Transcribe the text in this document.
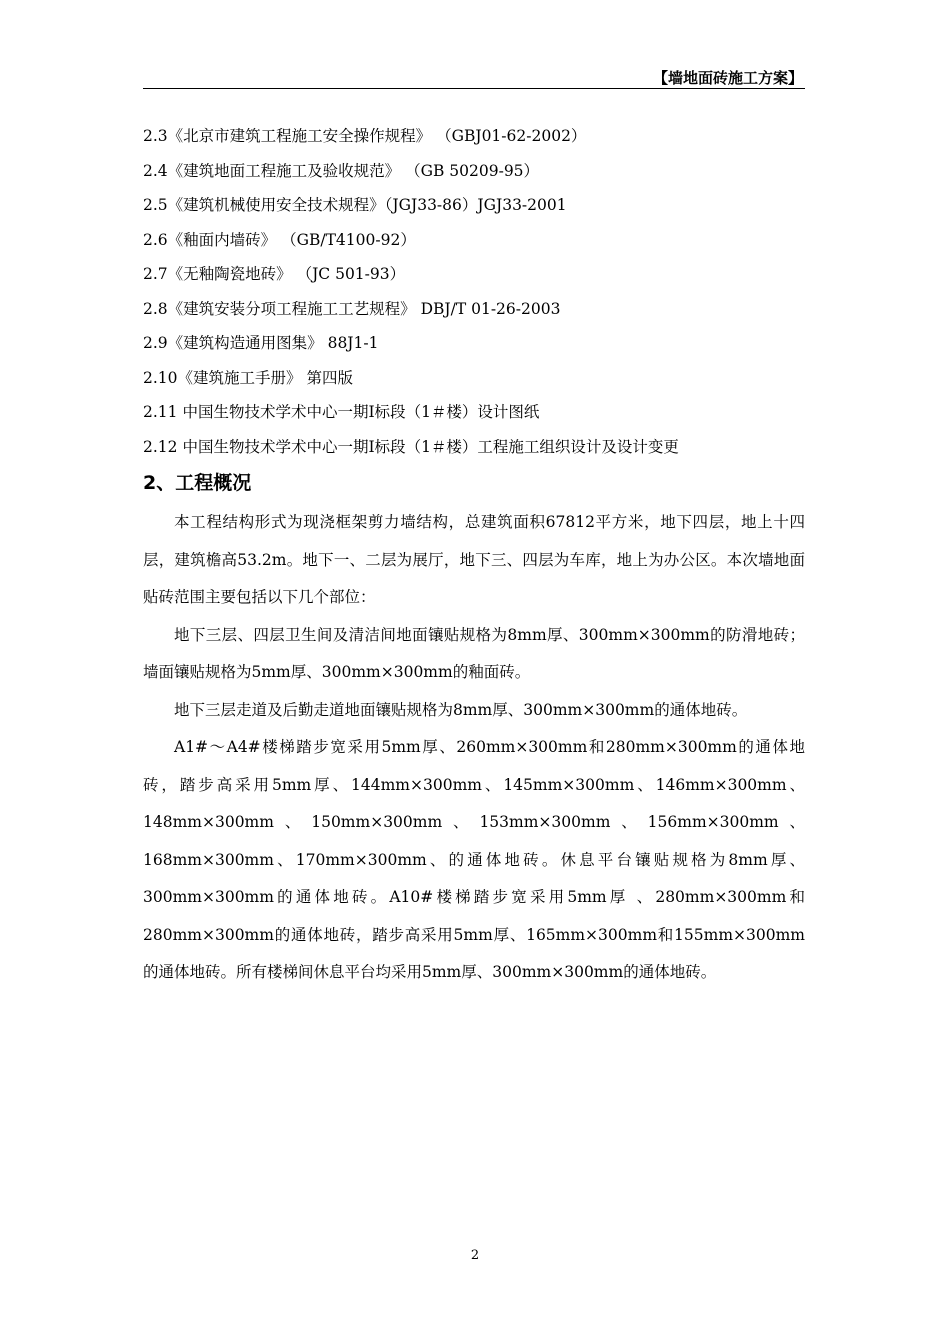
【墙地面砖施工方案】
2.3《北京市建筑工程施工安全操作规程》 （GBJ01-62-2002）
2.4《建筑地面工程施工及验收规范》 （GB 50209-95）
2.5《建筑机械使用安全技术规程》（JGJ33-86）JGJ33-2001
2.6《釉面内墙砖》 （GB/T4100-92）
2.7《无釉陶瓷地砖》 （JC 501-93）
2.8《建筑安装分项工程施工工艺规程》 DBJ/T 01-26-2003
2.9《建筑构造通用图集》 88J1-1
2.10《建筑施工手册》 第四版
2.11 中国生物技术学术中心一期Ⅰ标段（1＃楼）设计图纸
2.12 中国生物技术学术中心一期Ⅰ标段（1＃楼）工程施工组织设计及设计变更
2、工程概况

本工程结构形式为现浇框架剪力墙结构，总建筑面积67812平方米，地下四层，地上十四层，建筑檐高53.2m。地下一、二层为展厅，地下三、四层为车库，地上为办公区。本次墙地面贴砖范围主要包括以下几个部位：

地下三层、四层卫生间及清洁间地面镶贴规格为8mm厚、300mm×300mm的防滑地砖；墙面镶贴规格为5mm厚、300mm×300mm的釉面砖。

地下三层走道及后勤走道地面镶贴规格为8mm厚、300mm×300mm的通体地砖。

A1#～A4#楼梯踏步宽采用5mm厚、260mm×300mm和280mm×300mm的通体地砖，踏步高采用5mm厚、144mm×300mm、145mm×300mm、146mm×300mm、148mm×300mm、150mm×300mm、153mm×300mm、156mm×300mm、168mm×300mm、170mm×300mm、的通体地砖。休息平台镶贴规格为8mm厚、300mm×300mm的通体地砖。A10#楼梯踏步宽采用5mm厚 、280mm×300mm和280mm×300mm的通体地砖，踏步高采用5mm厚、165mm×300mm和155mm×300mm的通体地砖。所有楼梯间休息平台均采用5mm厚、300mm×300mm的通体地砖。

2
